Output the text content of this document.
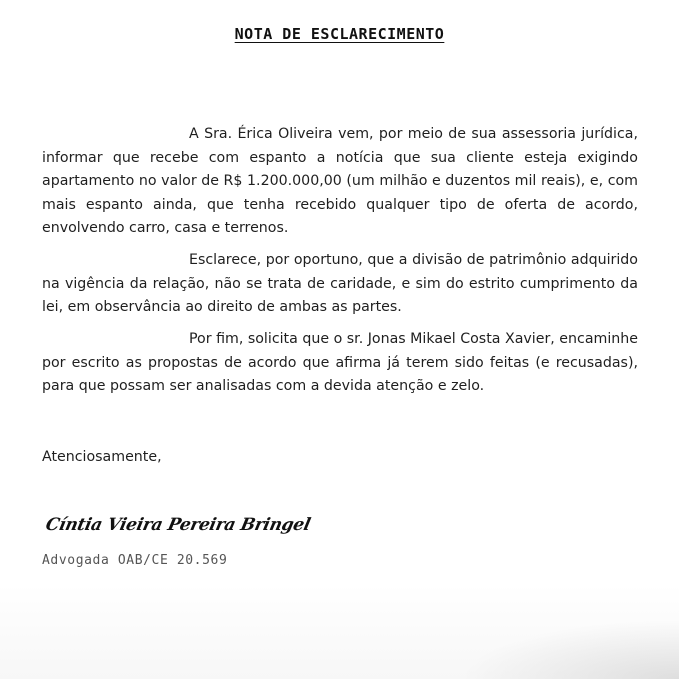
NOTA DE ESCLARECIMENTO

A Sra. Érica Oliveira vem, por meio de sua assessoria jurídica, informar que recebe com espanto a notícia que sua cliente esteja exigindo apartamento no valor de R$ 1.200.000,00 (um milhão e duzentos mil reais), e, com mais espanto ainda, que tenha recebido qualquer tipo de oferta de acordo, envolvendo carro, casa e terrenos.

Esclarece, por oportuno, que a divisão de patrimônio adquirido na vigência da relação, não se trata de caridade, e sim do estrito cumprimento da lei, em observância ao direito de ambas as partes.

Por fim, solicita que o sr. Jonas Mikael Costa Xavier, encaminhe por escrito as propostas de acordo que afirma já terem sido feitas (e recusadas), para que possam ser analisadas com a devida atenção e zelo.

Atenciosamente,

Cíntia Vieira Pereira Bringel
Advogada OAB/CE 20.569
